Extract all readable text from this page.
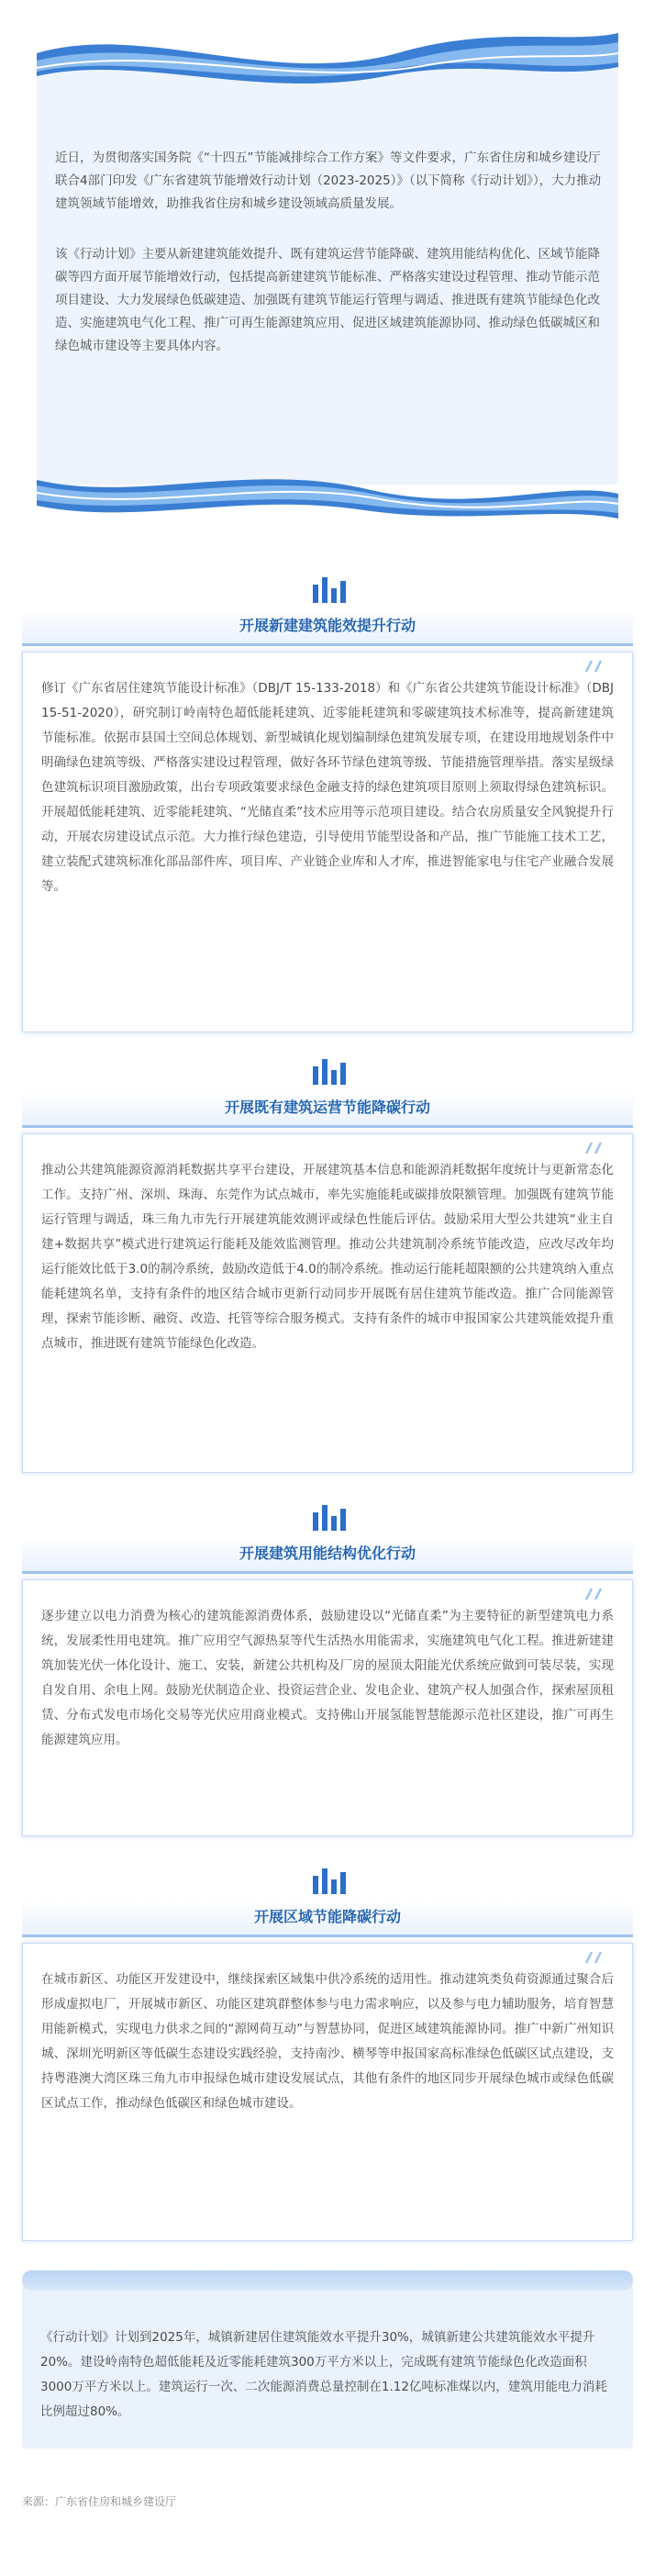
近日，为贯彻落实国务院《“十四五”节能减排综合工作方案》等文件要求，广东省住房和城乡建设厅联合4部门印发《广东省建筑节能增效行动计划（2023-2025）》（以下简称《行动计划》），大力推动建筑领域节能增效，助推我省住房和城乡建设领域高质量发展。

该《行动计划》主要从新建建筑能效提升、既有建筑运营节能降碳、建筑用能结构优化、区域节能降碳等四方面开展节能增效行动，包括提高新建建筑节能标准、严格落实建设过程管理、推动节能示范项目建设、大力发展绿色低碳建造、加强既有建筑节能运行管理与调适、推进既有建筑节能绿色化改造、实施建筑电气化工程、推广可再生能源建筑应用、促进区域建筑能源协同、推动绿色低碳城区和绿色城市建设等主要具体内容。

开展新建建筑能效提升行动

修订《广东省居住建筑节能设计标准》（DBJ/T 15-133-2018）和《广东省公共建筑节能设计标准》（DBJ 15-51-2020），研究制订岭南特色超低能耗建筑、近零能耗建筑和零碳建筑技术标准等，提高新建建筑节能标准。依据市县国土空间总体规划、新型城镇化规划编制绿色建筑发展专项，在建设用地规划条件中明确绿色建筑等级、严格落实建设过程管理，做好各环节绿色建筑等级、节能措施管理举措。落实星级绿色建筑标识项目激励政策，出台专项政策要求绿色金融支持的绿色建筑项目原则上须取得绿色建筑标识。开展超低能耗建筑、近零能耗建筑、“光储直柔”技术应用等示范项目建设。结合农房质量安全风貌提升行动，开展农房建设试点示范。大力推行绿色建造，引导使用节能型设备和产品，推广节能施工技术工艺，建立装配式建筑标准化部品部件库、项目库、产业链企业库和人才库，推进智能家电与住宅产业融合发展等。

开展既有建筑运营节能降碳行动

推动公共建筑能源资源消耗数据共享平台建设，开展建筑基本信息和能源消耗数据年度统计与更新常态化工作。支持广州、深圳、珠海、东莞作为试点城市，率先实施能耗或碳排放限额管理。加强既有建筑节能运行管理与调适，珠三角九市先行开展建筑能效测评或绿色性能后评估。鼓励采用大型公共建筑“业主自建+数据共享”模式进行建筑运行能耗及能效监测管理。推动公共建筑制冷系统节能改造，应改尽改年均运行能效比低于3.0的制冷系统，鼓励改造低于4.0的制冷系统。推动运行能耗超限额的公共建筑纳入重点能耗建筑名单，支持有条件的地区结合城市更新行动同步开展既有居住建筑节能改造。推广合同能源管理，探索节能诊断、融资、改造、托管等综合服务模式。支持有条件的城市申报国家公共建筑能效提升重点城市，推进既有建筑节能绿色化改造。

开展建筑用能结构优化行动

逐步建立以电力消费为核心的建筑能源消费体系，鼓励建设以“光储直柔”为主要特征的新型建筑电力系统，发展柔性用电建筑。推广应用空气源热泵等代生活热水用能需求，实施建筑电气化工程。推进新建建筑加装光伏一体化设计、施工、安装，新建公共机构及厂房的屋顶太阳能光伏系统应做到可装尽装，实现自发自用、余电上网。鼓励光伏制造企业、投资运营企业、发电企业、建筑产权人加强合作，探索屋顶租赁、分布式发电市场化交易等光伏应用商业模式。支持佛山开展氢能智慧能源示范社区建设，推广可再生能源建筑应用。

开展区域节能降碳行动

在城市新区、功能区开发建设中，继续探索区域集中供冷系统的适用性。推动建筑类负荷资源通过聚合后形成虚拟电厂，开展城市新区、功能区建筑群整体参与电力需求响应，以及参与电力辅助服务，培育智慧用能新模式，实现电力供求之间的“源网荷互动”与智慧协同，促进区域建筑能源协同。推广中新广州知识城、深圳光明新区等低碳生态建设实践经验，支持南沙、横琴等申报国家高标准绿色低碳区试点建设，支持粤港澳大湾区珠三角九市申报绿色城市建设发展试点，其他有条件的地区同步开展绿色城市或绿色低碳区试点工作，推动绿色低碳区和绿色城市建设。

《行动计划》计划到2025年，城镇新建居住建筑能效水平提升30%，城镇新建公共建筑能效水平提升20%。建设岭南特色超低能耗及近零能耗建筑300万平方米以上，完成既有建筑节能绿色化改造面积3000万平方米以上。建筑运行一次、二次能源消费总量控制在1.12亿吨标准煤以内，建筑用能电力消耗比例超过80%。

来源：广东省住房和城乡建设厅
